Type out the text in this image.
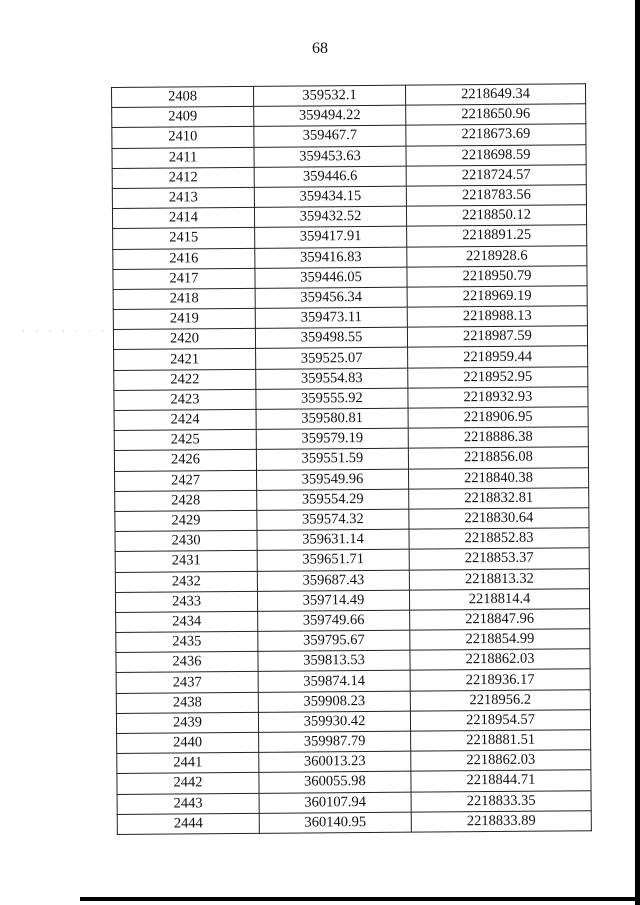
68
· · · · · · ·
2408	359532.1	2218649.34
2409	359494.22	2218650.96
2410	359467.7	2218673.69
2411	359453.63	2218698.59
2412	359446.6	2218724.57
2413	359434.15	2218783.56
2414	359432.52	2218850.12
2415	359417.91	2218891.25
2416	359416.83	2218928.6
2417	359446.05	2218950.79
2418	359456.34	2218969.19
2419	359473.11	2218988.13
2420	359498.55	2218987.59
2421	359525.07	2218959.44
2422	359554.83	2218952.95
2423	359555.92	2218932.93
2424	359580.81	2218906.95
2425	359579.19	2218886.38
2426	359551.59	2218856.08
2427	359549.96	2218840.38
2428	359554.29	2218832.81
2429	359574.32	2218830.64
2430	359631.14	2218852.83
2431	359651.71	2218853.37
2432	359687.43	2218813.32
2433	359714.49	2218814.4
2434	359749.66	2218847.96
2435	359795.67	2218854.99
2436	359813.53	2218862.03
2437	359874.14	2218936.17
2438	359908.23	2218956.2
2439	359930.42	2218954.57
2440	359987.79	2218881.51
2441	360013.23	2218862.03
2442	360055.98	2218844.71
2443	360107.94	2218833.35
2444	360140.95	2218833.89
